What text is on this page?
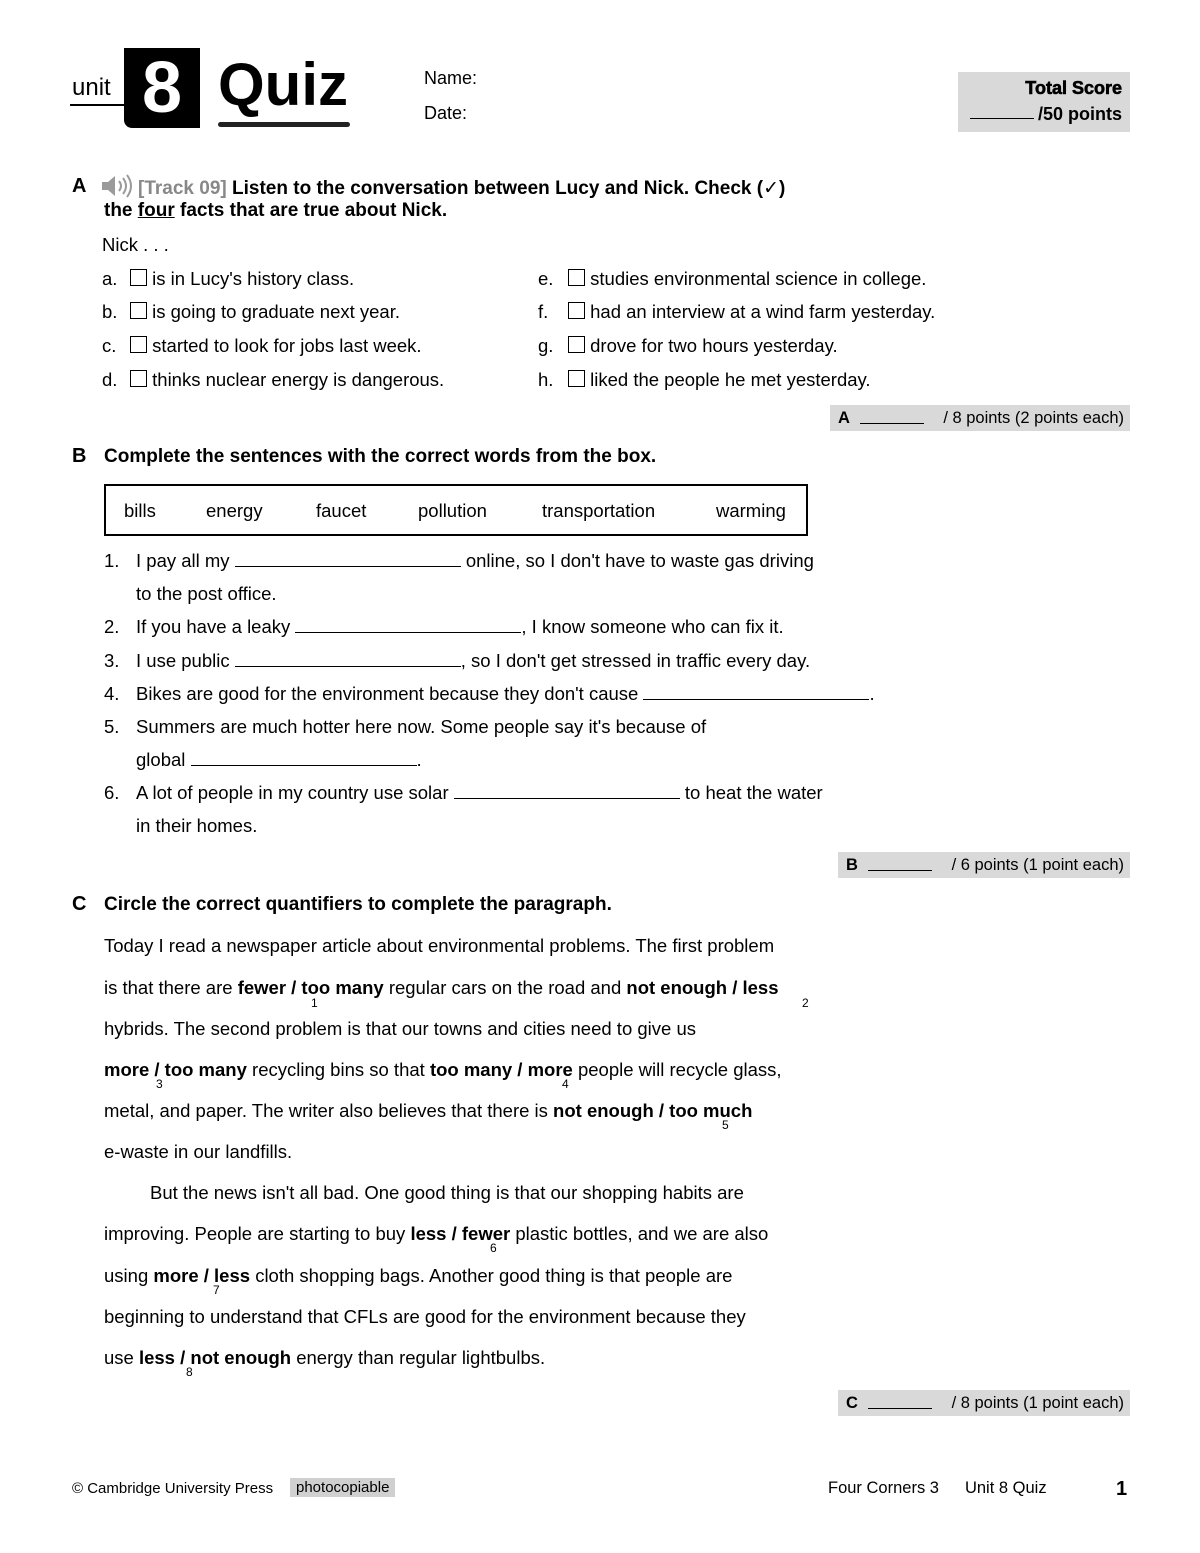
unit 8 Quiz	Name:
Date:
Total Score
/50 points
A	[Track 09] Listen to the conversation between Lucy and Nick. Check (✓)
the four facts that are true about Nick.
Nick . . .
a. is in Lucy's history class.
b. is going to graduate next year.
c. started to look for jobs last week.
d. thinks nuclear energy is dangerous.
e. studies environmental science in college.
f. had an interview at a wind farm yesterday.
g. drove for two hours yesterday.
h. liked the people he met yesterday.
A	/ 8 points (2 points each)
B Complete the sentences with the correct words from the box.
bills	energy	faucet	pollution	transportation	warming
1. I pay all my	online, so I don't have to waste gas driving
to the post office.
2. If you have a leaky	, I know someone who can fix it.
3. I use public	, so I don't get stressed in traffic every day.
4. Bikes are good for the environment because they don't cause	.
5. Summers are much hotter here now. Some people say it's because of
global	.
6. A lot of people in my country use solar	to heat the water
in their homes.
B	/ 6 points (1 point each)
C Circle the correct quantifiers to complete the paragraph.
Today I read a newspaper article about environmental problems. The first problem
is that there are fewer / too many regular cars on the road and not enough / less
1	2
hybrids. The second problem is that our towns and cities need to give us
more / too many recycling bins so that too many / more people will recycle glass,
3	4
metal, and paper. The writer also believes that there is not enough / too much
5
e-waste in our landfills.
But the news isn't all bad. One good thing is that our shopping habits are
improving. People are starting to buy less / fewer plastic bottles, and we are also
6
using more / less cloth shopping bags. Another good thing is that people are
7
beginning to understand that CFLs are good for the environment because they
use less / not enough energy than regular lightbulbs.
8
C	/ 8 points (1 point each)
© Cambridge University Press	photocopiable	Four Corners 3 Unit 8 Quiz	1
